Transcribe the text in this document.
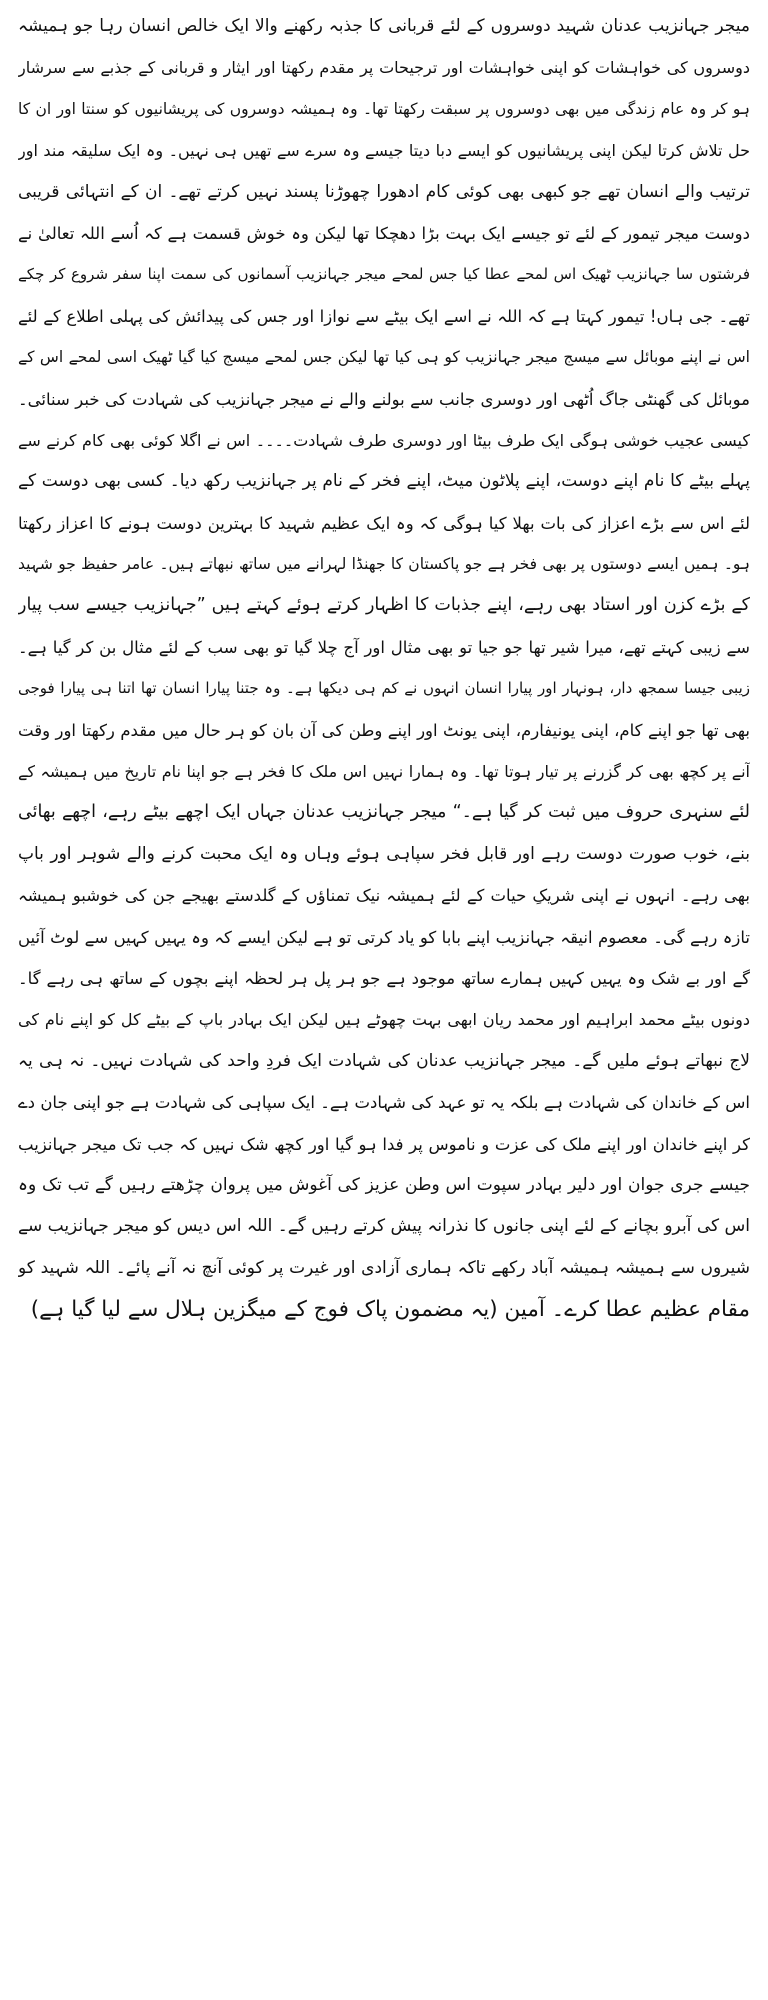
میجر جہانزیب عدنان شہید دوسروں کے لئے قربانی کا جذبہ رکھنے والا ایک خالص انسان رہا جو ہمیشہ
دوسروں کی خواہشات کو اپنی خواہشات اور ترجیحات پر مقدم رکھتا اور ایثار و قربانی کے جذبے سے سرشار
ہو کر وہ عام زندگی میں بھی دوسروں پر سبقت رکھتا تھا۔ وہ ہمیشہ دوسروں کی پریشانیوں کو سنتا اور ان کا
حل تلاش کرتا لیکن اپنی پریشانیوں کو ایسے دبا دیتا جیسے وہ سرے سے تھیں ہی نہیں۔ وہ ایک سلیقہ مند اور
ترتیب والے انسان تھے جو کبھی بھی کوئی کام ادھورا چھوڑنا پسند نہیں کرتے تھے۔ ان کے انتہائی قریبی
دوست میجر تیمور کے لئے تو جیسے ایک بہت بڑا دھچکا تھا لیکن وہ خوش قسمت ہے کہ اُسے اللہ تعالیٰ نے
فرشتوں سا جہانزیب ٹھیک اس لمحے عطا کیا جس لمحے میجر جہانزیب آسمانوں کی سمت اپنا سفر شروع کر چکے
تھے۔ جی ہاں! تیمور کہتا ہے کہ اللہ نے اسے ایک بیٹے سے نوازا اور جس کی پیدائش کی پہلی اطلاع کے لئے
اس نے اپنے موبائل سے میسج میجر جہانزیب کو ہی کیا تھا لیکن جس لمحے میسج کیا گیا ٹھیک اسی لمحے اس کے
موبائل کی گھنٹی جاگ اُٹھی اور دوسری جانب سے بولنے والے نے میجر جہانزیب کی شہادت کی خبر سنائی۔
کیسی عجیب خوشی ہوگی ایک طرف بیٹا اور دوسری طرف شہادت۔۔۔۔ اس نے اگلا کوئی بھی کام کرنے سے
پہلے بیٹے کا نام اپنے دوست، اپنے پلاٹون میٹ، اپنے فخر کے نام پر جہانزیب رکھ دیا۔ کسی بھی دوست کے
لئے اس سے بڑے اعزاز کی بات بھلا کیا ہوگی کہ وہ ایک عظیم شہید کا بہترین دوست ہونے کا اعزاز رکھتا
ہو۔ ہمیں ایسے دوستوں پر بھی فخر ہے جو پاکستان کا جھنڈا لہرانے میں ساتھ نبھاتے ہیں۔ عامر حفیظ جو شہید
کے بڑے کزن اور استاد بھی رہے، اپنے جذبات کا اظہار کرتے ہوئے کہتے ہیں ”جہانزیب جیسے سب پیار
سے زیبی کہتے تھے، میرا شیر تھا جو جیا تو بھی مثال اور آج چلا گیا تو بھی سب کے لئے مثال بن کر گیا ہے۔
زیبی جیسا سمجھ دار، ہونہار اور پیارا انسان انہوں نے کم ہی دیکھا ہے۔ وہ جتنا پیارا انسان تھا اتنا ہی پیارا فوجی
بھی تھا جو اپنے کام، اپنی یونیفارم، اپنی یونٹ اور اپنے وطن کی آن بان کو ہر حال میں مقدم رکھتا اور وقت
آنے پر کچھ بھی کر گزرنے پر تیار ہوتا تھا۔ وہ ہمارا نہیں اس ملک کا فخر ہے جو اپنا نام تاریخ میں ہمیشہ کے
لئے سنہری حروف میں ثبت کر گیا ہے۔“ میجر جہانزیب عدنان جہاں ایک اچھے بیٹے رہے، اچھے بھائی
بنے، خوب صورت دوست رہے اور قابل فخر سپاہی ہوئے وہاں وہ ایک محبت کرنے والے شوہر اور باپ
بھی رہے۔ انہوں نے اپنی شریکِ حیات کے لئے ہمیشہ نیک تمناؤں کے گلدستے بھیجے جن کی خوشبو ہمیشہ
تازہ رہے گی۔ معصوم انیقہ جہانزیب اپنے بابا کو یاد کرتی تو ہے لیکن ایسے کہ وہ یہیں کہیں سے لوٹ آئیں
گے اور بے شک وہ یہیں کہیں ہمارے ساتھ موجود ہے جو ہر پل ہر لحظہ اپنے بچوں کے ساتھ ہی رہے گا۔
دونوں بیٹے محمد ابراہیم اور محمد ریان ابھی بہت چھوٹے ہیں لیکن ایک بہادر باپ کے بیٹے کل کو اپنے نام کی
لاج نبھاتے ہوئے ملیں گے۔ میجر جہانزیب عدنان کی شہادت ایک فردِ واحد کی شہادت نہیں۔ نہ ہی یہ
اس کے خاندان کی شہادت ہے بلکہ یہ تو عہد کی شہادت ہے۔ ایک سپاہی کی شہادت ہے جو اپنی جان دے
کر اپنے خاندان اور اپنے ملک کی عزت و ناموس پر فدا ہو گیا اور کچھ شک نہیں کہ جب تک میجر جہانزیب
جیسے جری جوان اور دلیر بہادر سپوت اس وطن عزیز کی آغوش میں پروان چڑھتے رہیں گے تب تک وہ
اس کی آبرو بچانے کے لئے اپنی جانوں کا نذرانہ پیش کرتے رہیں گے۔ اللہ اس دیس کو میجر جہانزیب سے
شیروں سے ہمیشہ ہمیشہ آباد رکھے تاکہ ہماری آزادی اور غیرت پر کوئی آنچ نہ آنے پائے۔ اللہ شہید کو
مقام عظیم عطا کرے۔ آمین (یہ مضمون پاک فوج کے میگزین ہلال سے لیا گیا ہے)
